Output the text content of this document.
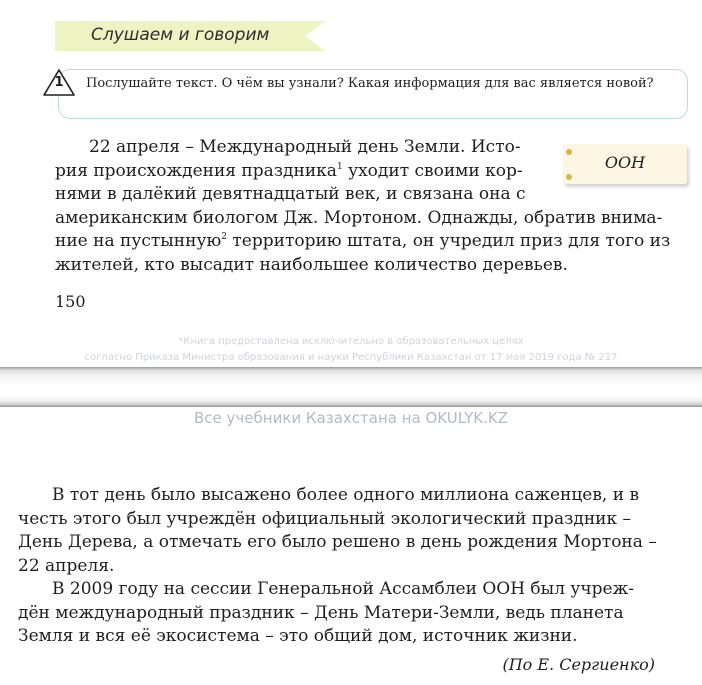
Слушаем и говорим
1 Послушайте текст. О чём вы узнали? Какая информация для вас является новой?
ООН

22 апреля – Международный день Земли. Исто-
рия происхождения праздника$^1$ уходит своими кор-
нями в далёкий девятнадцатый век, и связана она с
американским биологом Дж. Мортоном. Однажды, обратив внима-
ние на пустынную$^2$ территорию штата, он учредил приз для того из
жителей, кто высадит наибольшее количество деревьев.

150
*Книга предоставлена исключительно в образовательных целях
согласно Приказа Министра образования и науки Республики Казахстан от 17 мая 2019 года № 217
Все учебники Казахстана на OKULYK.KZ

В тот день было высажено более одного миллиона саженцев, и в
честь этого был учреждён официальный экологический праздник –
День Дерева, а отмечать его было решено в день рождения Мортона –
22 апреля.
В 2009 году на сессии Генеральной Ассамблеи ООН был учреж-
дён международный праздник – День Матери-Земли, ведь планета
Земля и вся её экосистема – это общий дом, источник жизни.

(По Е. Сергиенко)
